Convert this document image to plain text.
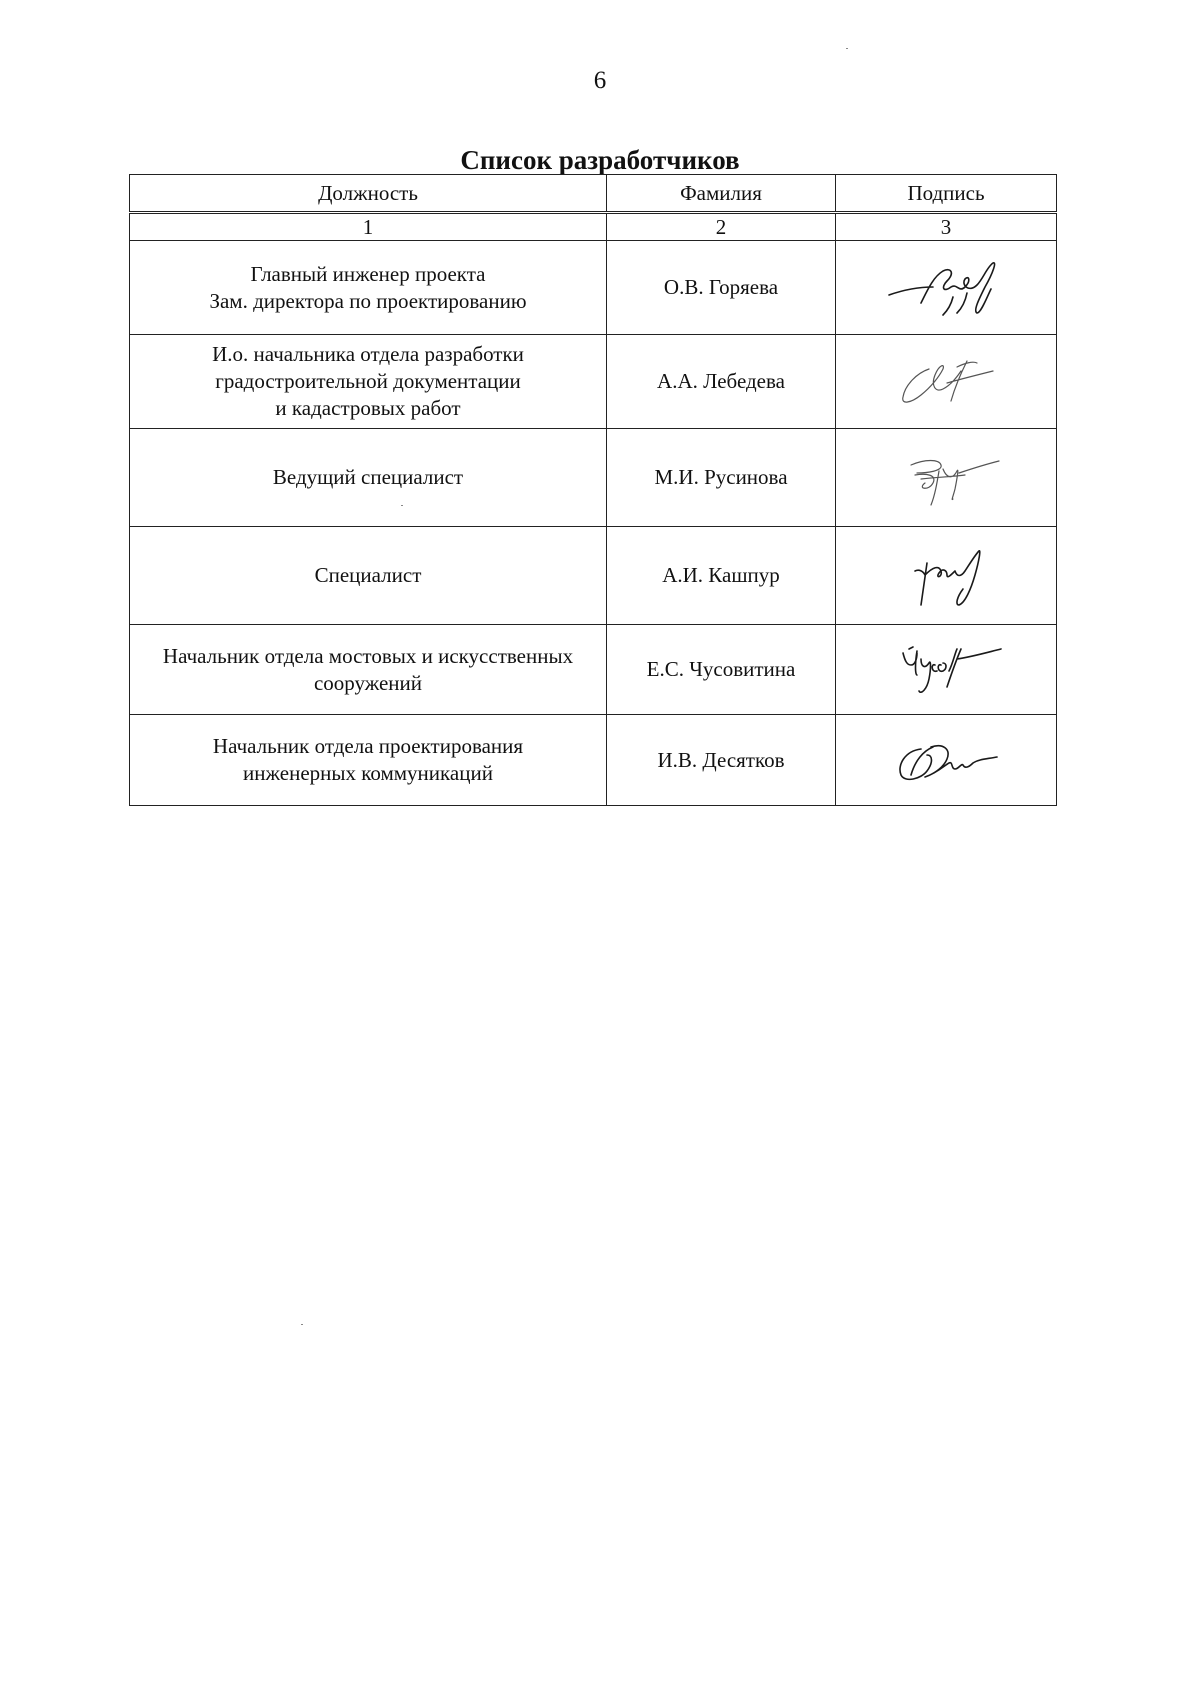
6
Список разработчиков
Должность	Фамилия	Подпись
1	2	3

Главный инженер проекта
Зам. директора по проектированию	О.В. Горяева	

И.о. начальника отдела разработки
градостроительной документации
и кадастровых работ	А.А. Лебедева	

Ведущий специалист	М.И. Русинова	

Специалист	А.И. Кашпур	

Начальник отдела мостовых и искусственных
сооружений	Е.С. Чусовитина	

Начальник отдела проектирования
инженерных коммуникаций	И.В. Десятков	
